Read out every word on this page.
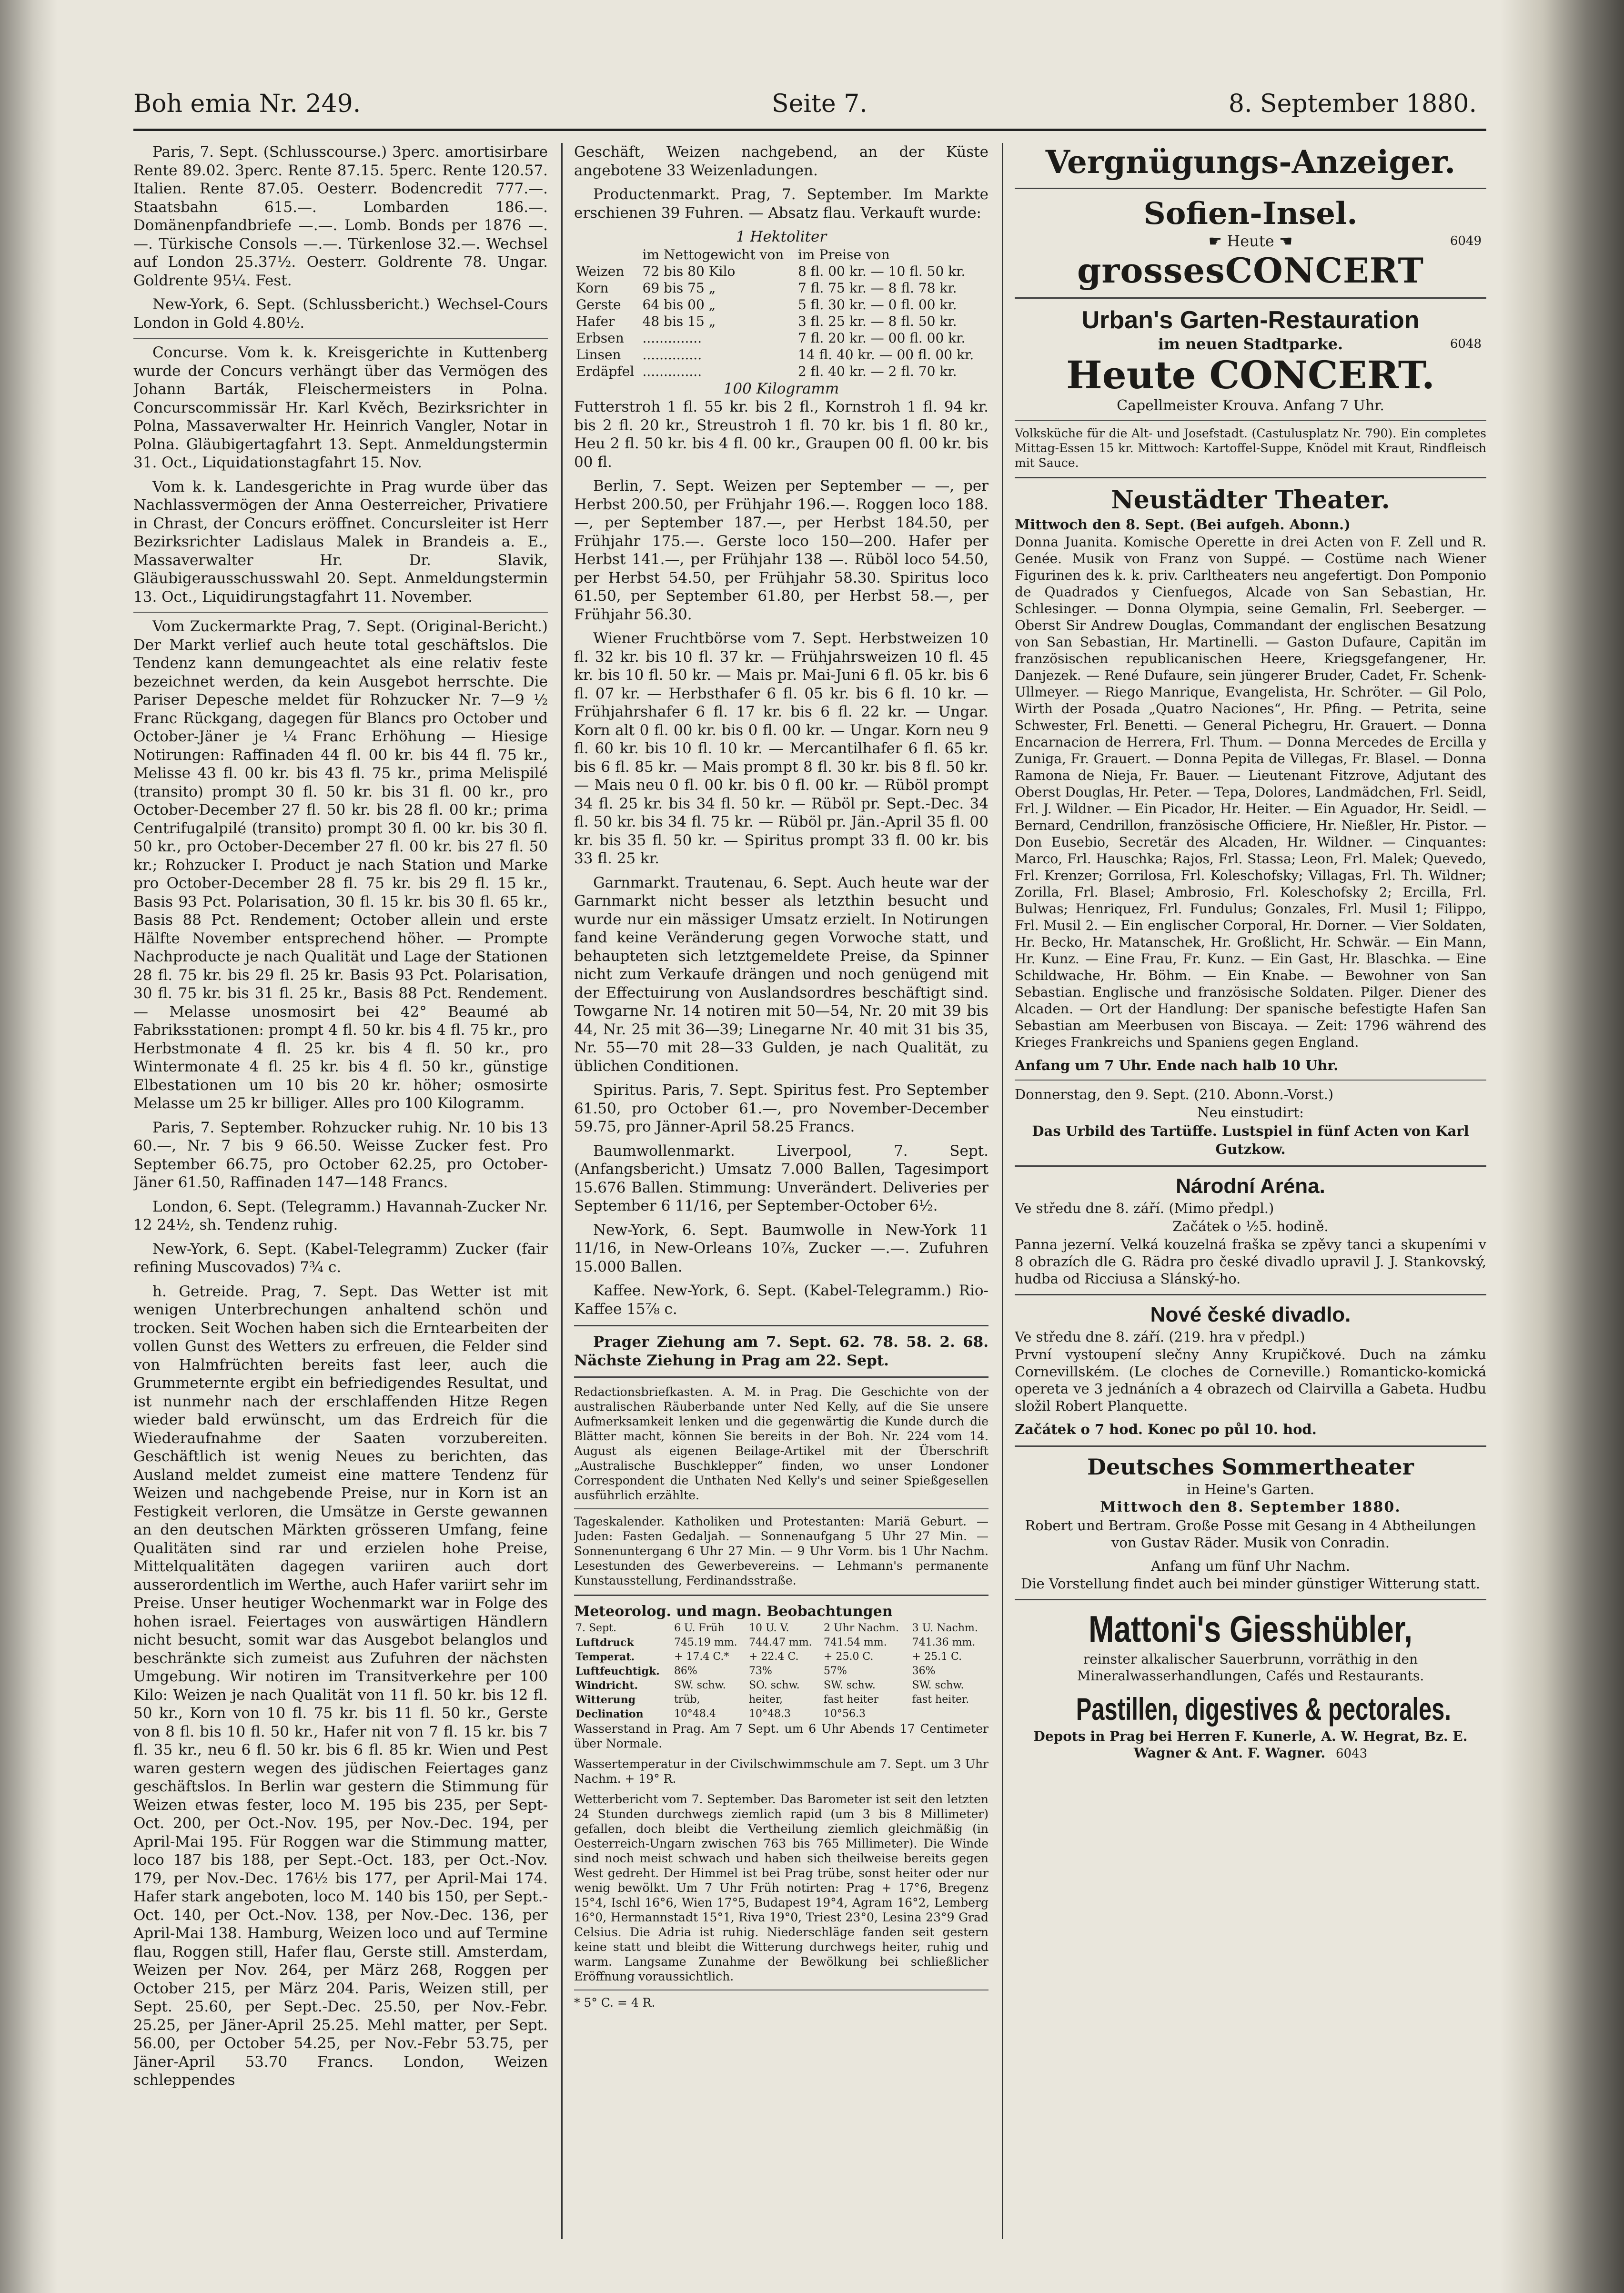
Boh emia Nr. 249.	Seite 7.	8. September 1880.

Paris, 7. Sept. (Schlusscourse.) 3perc. amortisirbare Rente 89.02. 3perc. Rente 87.15. 5perc. Rente 120.57. Italien. Rente 87.05. Oesterr. Bodencredit 777.—. Staatsbahn 615.—. Lombarden 186.—. Domänenpfandbriefe —.—. Lomb. Bonds per 1876 —.—. Türkische Consols —.—. Türkenlose 32.—. Wechsel auf London 25.37½. Oesterr. Goldrente 78. Ungar. Goldrente 95¼. Fest.

New-York, 6. Sept. (Schlussbericht.) Wechsel-Cours London in Gold 4.80½.

Concurse. Vom k. k. Kreisgerichte in Kuttenberg wurde der Concurs verhängt über das Vermögen des Johann Barták, Fleischermeisters in Polna. Concurscommissär Hr. Karl Kvěch, Bezirksrichter in Polna, Massaverwalter Hr. Heinrich Vangler, Notar in Polna. Gläubigertagfahrt 13. Sept. Anmeldungstermin 31. Oct., Liquidationstagfahrt 15. Nov.

Vom k. k. Landesgerichte in Prag wurde über das Nachlassvermögen der Anna Oesterreicher, Privatiere in Chrast, der Concurs eröffnet. Concursleiter ist Herr Bezirksrichter Ladislaus Malek in Brandeis a. E., Massaverwalter Hr. Dr. Slavik, Gläubigerausschusswahl 20. Sept. Anmeldungstermin 13. Oct., Liquidirungstagfahrt 11. November.

Vom Zuckermarkte Prag, 7. Sept. (Original-Bericht.) Der Markt verlief auch heute total geschäftslos. Die Tendenz kann demungeachtet als eine relativ feste bezeichnet werden, da kein Ausgebot herrschte. Die Pariser Depesche meldet für Rohzucker Nr. 7—9 ½ Franc Rückgang, dagegen für Blancs pro October und October-Jäner je ¼ Franc Erhöhung — Hiesige Notirungen: Raffinaden 44 fl. 00 kr. bis 44 fl. 75 kr., Melisse 43 fl. 00 kr. bis 43 fl. 75 kr., prima Melispilé (transito) prompt 30 fl. 50 kr. bis 31 fl. 00 kr., pro October-December 27 fl. 50 kr. bis 28 fl. 00 kr.; prima Centrifugalpilé (transito) prompt 30 fl. 00 kr. bis 30 fl. 50 kr., pro October-December 27 fl. 00 kr. bis 27 fl. 50 kr.; Rohzucker I. Product je nach Station und Marke pro October-December 28 fl. 75 kr. bis 29 fl. 15 kr., Basis 93 Pct. Polarisation, 30 fl. 15 kr. bis 30 fl. 65 kr., Basis 88 Pct. Rendement; October allein und erste Hälfte November entsprechend höher. — Prompte Nachproducte je nach Qualität und Lage der Stationen 28 fl. 75 kr. bis 29 fl. 25 kr. Basis 93 Pct. Polarisation, 30 fl. 75 kr. bis 31 fl. 25 kr., Basis 88 Pct. Rendement. — Melasse unosmosirt bei 42° Beaumé ab Fabriksstationen: prompt 4 fl. 50 kr. bis 4 fl. 75 kr., pro Herbstmonate 4 fl. 25 kr. bis 4 fl. 50 kr., pro Wintermonate 4 fl. 25 kr. bis 4 fl. 50 kr., günstige Elbestationen um 10 bis 20 kr. höher; osmosirte Melasse um 25 kr billiger. Alles pro 100 Kilogramm.

Paris, 7. September. Rohzucker ruhig. Nr. 10 bis 13 60.—, Nr. 7 bis 9 66.50. Weisse Zucker fest. Pro September 66.75, pro October 62.25, pro October-Jäner 61.50, Raffinaden 147—148 Francs.

London, 6. Sept. (Telegramm.) Havannah-Zucker Nr. 12 24½, sh. Tendenz ruhig.

New-York, 6. Sept. (Kabel-Telegramm) Zucker (fair refining Muscovados) 7¾ c.

h. Getreide. Prag, 7. Sept. Das Wetter ist mit wenigen Unterbrechungen anhaltend schön und trocken. Seit Wochen haben sich die Erntearbeiten der vollen Gunst des Wetters zu erfreuen, die Felder sind von Halmfrüchten bereits fast leer, auch die Grummeternte ergibt ein befriedigendes Resultat, und ist nunmehr nach der erschlaffenden Hitze Regen wieder bald erwünscht, um das Erdreich für die Wiederaufnahme der Saaten vorzubereiten. Geschäftlich ist wenig Neues zu berichten, das Ausland meldet zumeist eine mattere Tendenz für Weizen und nachgebende Preise, nur in Korn ist an Festigkeit verloren, die Umsätze in Gerste gewannen an den deutschen Märkten grösseren Umfang, feine Qualitäten sind rar und erzielen hohe Preise, Mittelqualitäten dagegen variiren auch dort ausserordentlich im Werthe, auch Hafer variirt sehr im Preise. Unser heutiger Wochenmarkt war in Folge des hohen israel. Feiertages von auswärtigen Händlern nicht besucht, somit war das Ausgebot belanglos und beschränkte sich zumeist aus Zufuhren der nächsten Umgebung. Wir notiren im Transitverkehre per 100 Kilo: Weizen je nach Qualität von 11 fl. 50 kr. bis 12 fl. 50 kr., Korn von 10 fl. 75 kr. bis 11 fl. 50 kr., Gerste von 8 fl. bis 10 fl. 50 kr., Hafer nit von 7 fl. 15 kr. bis 7 fl. 35 kr., neu 6 fl. 50 kr. bis 6 fl. 85 kr. Wien und Pest waren gestern wegen des jüdischen Feiertages ganz geschäftslos. In Berlin war gestern die Stimmung für Weizen etwas fester, loco M. 195 bis 235, per Sept-Oct. 200, per Oct.-Nov. 195, per Nov.-Dec. 194, per April-Mai 195. Für Roggen war die Stimmung matter, loco 187 bis 188, per Sept.-Oct. 183, per Oct.-Nov. 179, per Nov.-Dec. 176½ bis 177, per April-Mai 174. Hafer stark angeboten, loco M. 140 bis 150, per Sept.-Oct. 140, per Oct.-Nov. 138, per Nov.-Dec. 136, per April-Mai 138. Hamburg, Weizen loco und auf Termine flau, Roggen still, Hafer flau, Gerste still. Amsterdam, Weizen per Nov. 264, per März 268, Roggen per October 215, per März 204. Paris, Weizen still, per Sept. 25.60, per Sept.-Dec. 25.50, per Nov.-Febr. 25.25, per Jäner-April 25.25. Mehl matter, per Sept. 56.00, per October 54.25, per Nov.-Febr 53.75, per Jäner-April 53.70 Francs. London, Weizen schleppendes

Geschäft, Weizen nachgebend, an der Küste angebotene 33 Weizenladungen.

Productenmarkt. Prag, 7. September. Im Markte erschienen 39 Fuhren. — Absatz flau. Verkauft wurde:

1 Hektoliter
	im Nettogewicht von	im Preise von
Weizen	72 bis 80 Kilo	8 fl. 00 kr. — 10 fl. 50 kr.
Korn	69 bis 75 „	7 fl. 75 kr. — 8 fl. 78 kr.
Gerste	64 bis 00 „	5 fl. 30 kr. — 0 fl. 00 kr.
Hafer	48 bis 15 „	3 fl. 25 kr. — 8 fl. 50 kr.
Erbsen	..............	7 fl. 20 kr. — 00 fl. 00 kr.
Linsen	..............	14 fl. 40 kr. — 00 fl. 00 kr.
Erdäpfel	..............	2 fl. 40 kr. — 2 fl. 70 kr.
100 Kilogramm

Futterstroh 1 fl. 55 kr. bis 2 fl., Kornstroh 1 fl. 94 kr. bis 2 fl. 20 kr., Streustroh 1 fl. 70 kr. bis 1 fl. 80 kr., Heu 2 fl. 50 kr. bis 4 fl. 00 kr., Graupen 00 fl. 00 kr. bis 00 fl.

Berlin, 7. Sept. Weizen per September — —, per Herbst 200.50, per Frühjahr 196.—. Roggen loco 188.—, per September 187.—, per Herbst 184.50, per Frühjahr 175.—. Gerste loco 150—200. Hafer per Herbst 141.—, per Frühjahr 138 —. Rüböl loco 54.50, per Herbst 54.50, per Frühjahr 58.30. Spiritus loco 61.50, per September 61.80, per Herbst 58.—, per Frühjahr 56.30.

Wiener Fruchtbörse vom 7. Sept. Herbstweizen 10 fl. 32 kr. bis 10 fl. 37 kr. — Frühjahrsweizen 10 fl. 45 kr. bis 10 fl. 50 kr. — Mais pr. Mai-Juni 6 fl. 05 kr. bis 6 fl. 07 kr. — Herbsthafer 6 fl. 05 kr. bis 6 fl. 10 kr. — Frühjahrshafer 6 fl. 17 kr. bis 6 fl. 22 kr. — Ungar. Korn alt 0 fl. 00 kr. bis 0 fl. 00 kr. — Ungar. Korn neu 9 fl. 60 kr. bis 10 fl. 10 kr. — Mercantilhafer 6 fl. 65 kr. bis 6 fl. 85 kr. — Mais prompt 8 fl. 30 kr. bis 8 fl. 50 kr. — Mais neu 0 fl. 00 kr. bis 0 fl. 00 kr. — Rüböl prompt 34 fl. 25 kr. bis 34 fl. 50 kr. — Rüböl pr. Sept.-Dec. 34 fl. 50 kr. bis 34 fl. 75 kr. — Rüböl pr. Jän.-April 35 fl. 00 kr. bis 35 fl. 50 kr. — Spiritus prompt 33 fl. 00 kr. bis 33 fl. 25 kr.

Garnmarkt. Trautenau, 6. Sept. Auch heute war der Garnmarkt nicht besser als letzthin besucht und wurde nur ein mässiger Umsatz erzielt. In Notirungen fand keine Veränderung gegen Vorwoche statt, und behaupteten sich letztgemeldete Preise, da Spinner nicht zum Verkaufe drängen und noch genügend mit der Effectuirung von Auslandsordres beschäftigt sind. Towgarne Nr. 14 notiren mit 50—54, Nr. 20 mit 39 bis 44, Nr. 25 mit 36—39; Linegarne Nr. 40 mit 31 bis 35, Nr. 55—70 mit 28—33 Gulden, je nach Qualität, zu üblichen Conditionen.

Spiritus. Paris, 7. Sept. Spiritus fest. Pro September 61.50, pro October 61.—, pro November-December 59.75, pro Jänner-April 58.25 Francs.

Baumwollenmarkt. Liverpool, 7. Sept. (Anfangsbericht.) Umsatz 7.000 Ballen, Tagesimport 15.676 Ballen. Stimmung: Unverändert. Deliveries per September 6 11/16, per September-October 6½.

New-York, 6. Sept. Baumwolle in New-York 11 11/16, in New-Orleans 10⅞, Zucker —.—. Zufuhren 15.000 Ballen.

Kaffee. New-York, 6. Sept. (Kabel-Telegramm.) Rio-Kaffee 15⅞ c.

Prager Ziehung am 7. Sept. 62. 78. 58. 2. 68. Nächste Ziehung in Prag am 22. Sept.

Redactionsbriefkasten. A. M. in Prag. Die Geschichte von der australischen Räuberbande unter Ned Kelly, auf die Sie unsere Aufmerksamkeit lenken und die gegenwärtig die Kunde durch die Blätter macht, können Sie bereits in der Boh. Nr. 224 vom 14. August als eigenen Beilage-Artikel mit der Überschrift „Australische Buschklepper“ finden, wo unser Londoner Correspondent die Unthaten Ned Kelly's und seiner Spießgesellen ausführlich erzählte.

Tageskalender. Katholiken und Protestanten: Mariä Geburt. — Juden: Fasten Gedaljah. — Sonnenaufgang 5 Uhr 27 Min. — Sonnenuntergang 6 Uhr 27 Min. — 9 Uhr Vorm. bis 1 Uhr Nachm. Lesestunden des Gewerbevereins. — Lehmann's permanente Kunstausstellung, Ferdinandsstraße.

Meteorolog. und magn. Beobachtungen
7. Sept.	6 U. Früh	10 U. V.	2 Uhr Nachm.	3 U. Nachm.
Luftdruck	745.19 mm.	744.47 mm.	741.54 mm.	741.36 mm.
Temperat.	+ 17.4 C.*	+ 22.4 C.	+ 25.0 C.	+ 25.1 C.
Luftfeuchtigk.	86%	73%	57%	36%
Windricht.	SW. schw.	SO. schw.	SW. schw.	SW. schw.
Witterung	trüb,	heiter,	fast heiter	fast heiter.
Declination	10°48.4	10°48.3	10°56.3	

Wasserstand in Prag. Am 7 Sept. um 6 Uhr Abends 17 Centimeter über Normale.

Wassertemperatur in der Civilschwimmschule am 7. Sept. um 3 Uhr Nachm. + 19° R.

Wetterbericht vom 7. September. Das Barometer ist seit den letzten 24 Stunden durchwegs ziemlich rapid (um 3 bis 8 Millimeter) gefallen, doch bleibt die Vertheilung ziemlich gleichmäßig (in Oesterreich-Ungarn zwischen 763 bis 765 Millimeter). Die Winde sind noch meist schwach und haben sich theilweise bereits gegen West gedreht. Der Himmel ist bei Prag trübe, sonst heiter oder nur wenig bewölkt. Um 7 Uhr Früh notirten: Prag + 17°6, Bregenz 15°4, Ischl 16°6, Wien 17°5, Budapest 19°4, Agram 16°2, Lemberg 16°0, Hermannstadt 15°1, Riva 19°0, Triest 23°0, Lesina 23°9 Grad Celsius. Die Adria ist ruhig. Niederschläge fanden seit gestern keine statt und bleibt die Witterung durchwegs heiter, ruhig und warm. Langsame Zunahme der Bewölkung bei schließlicher Eröffnung voraussichtlich.

* 5° C. = 4 R.

Vergnügungs-Anzeiger.
Sofien-Insel.
☛ Heute ☚	6049
grossesCONCERT
Urban's Garten-Restauration
im neuen Stadtparke.	6048
Heute CONCERT.
Capellmeister Krouva. Anfang 7 Uhr.

Volksküche für die Alt- und Josefstadt. (Castulusplatz Nr. 790). Ein completes Mittag-Essen 15 kr. Mittwoch: Kartoffel-Suppe, Knödel mit Kraut, Rindfleisch mit Sauce.

Neustädter Theater.
Mittwoch den 8. Sept. (Bei aufgeh. Abonn.)

Donna Juanita. Komische Operette in drei Acten von F. Zell und R. Genée. Musik von Franz von Suppé. — Costüme nach Wiener Figurinen des k. k. priv. Carltheaters neu angefertigt. Don Pomponio de Quadrados y Cienfuegos, Alcade von San Sebastian, Hr. Schlesinger. — Donna Olympia, seine Gemalin, Frl. Seeberger. — Oberst Sir Andrew Douglas, Commandant der englischen Besatzung von San Sebastian, Hr. Martinelli. — Gaston Dufaure, Capitän im französischen republicanischen Heere, Kriegsgefangener, Hr. Danjezek. — René Dufaure, sein jüngerer Bruder, Cadet, Fr. Schenk-Ullmeyer. — Riego Manrique, Evangelista, Hr. Schröter. — Gil Polo, Wirth der Posada „Quatro Naciones“, Hr. Pfing. — Petrita, seine Schwester, Frl. Benetti. — General Pichegru, Hr. Grauert. — Donna Encarnacion de Herrera, Frl. Thum. — Donna Mercedes de Ercilla y Zuniga, Fr. Grauert. — Donna Pepita de Villegas, Fr. Blasel. — Donna Ramona de Nieja, Fr. Bauer. — Lieutenant Fitzrove, Adjutant des Oberst Douglas, Hr. Peter. — Tepa, Dolores, Landmädchen, Frl. Seidl, Frl. J. Wildner. — Ein Picador, Hr. Heiter. — Ein Aguador, Hr. Seidl. — Bernard, Cendrillon, französische Officiere, Hr. Nießler, Hr. Pistor. — Don Eusebio, Secretär des Alcaden, Hr. Wildner. — Cinquantes: Marco, Frl. Hauschka; Rajos, Frl. Stassa; Leon, Frl. Malek; Quevedo, Frl. Krenzer; Gorrilosa, Frl. Koleschofsky; Villagas, Frl. Th. Wildner; Zorilla, Frl. Blasel; Ambrosio, Frl. Koleschofsky 2; Ercilla, Frl. Bulwas; Henriquez, Frl. Fundulus; Gonzales, Frl. Musil 1; Filippo, Frl. Musil 2. — Ein englischer Corporal, Hr. Dorner. — Vier Soldaten, Hr. Becko, Hr. Matanschek, Hr. Großlicht, Hr. Schwär. — Ein Mann, Hr. Kunz. — Eine Frau, Fr. Kunz. — Ein Gast, Hr. Blaschka. — Eine Schildwache, Hr. Böhm. — Ein Knabe. — Bewohner von San Sebastian. Englische und französische Soldaten. Pilger. Diener des Alcaden. — Ort der Handlung: Der spanische befestigte Hafen San Sebastian am Meerbusen von Biscaya. — Zeit: 1796 während des Krieges Frankreichs und Spaniens gegen England.

Anfang um 7 Uhr. Ende nach halb 10 Uhr.
Donnerstag, den 9. Sept. (210. Abonn.-Vorst.)
Neu einstudirt:
Das Urbild des Tartüffe. Lustspiel in fünf Acten von Karl Gutzkow.
Národní Aréna.
Ve středu dne 8. září. (Mimo předpl.)
Začátek o ½5. hodině.

Panna jezerní. Velká kouzelná fraška se zpěvy tanci a skupeními v 8 obrazích dle G. Rädra pro české divadlo upravil J. J. Stankovský, hudba od Ricciusa a Slánský-ho.

Nové české divadlo.
Ve středu dne 8. září. (219. hra v předpl.)

První vystoupení slečny Anny Krupičkové. Duch na zámku Cornevillském. (Le cloches de Corneville.) Romanticko-komická opereta ve 3 jednáních a 4 obrazech od Clairvilla a Gabeta. Hudbu složil Robert Planquette.

Začátek o 7 hod. Konec po půl 10. hod.
Deutsches Sommertheater
in Heine's Garten.
Mittwoch den 8. September 1880.

Robert und Bertram. Große Posse mit Gesang in 4 Abtheilungen von Gustav Räder. Musik von Conradin.

Anfang um fünf Uhr Nachm.

Die Vorstellung findet auch bei minder günstiger Witterung statt.

Mattoni's Giesshübler,

reinster alkalischer Sauerbrunn, vorräthig in den Mineralwasserhandlungen, Cafés und Restaurants.

Pastillen, digestives & pectorales.
Depots in Prag bei Herren F. Kunerle, A. W. Hegrat, Bz. E. Wagner & Ant. F. Wagner. 6043
